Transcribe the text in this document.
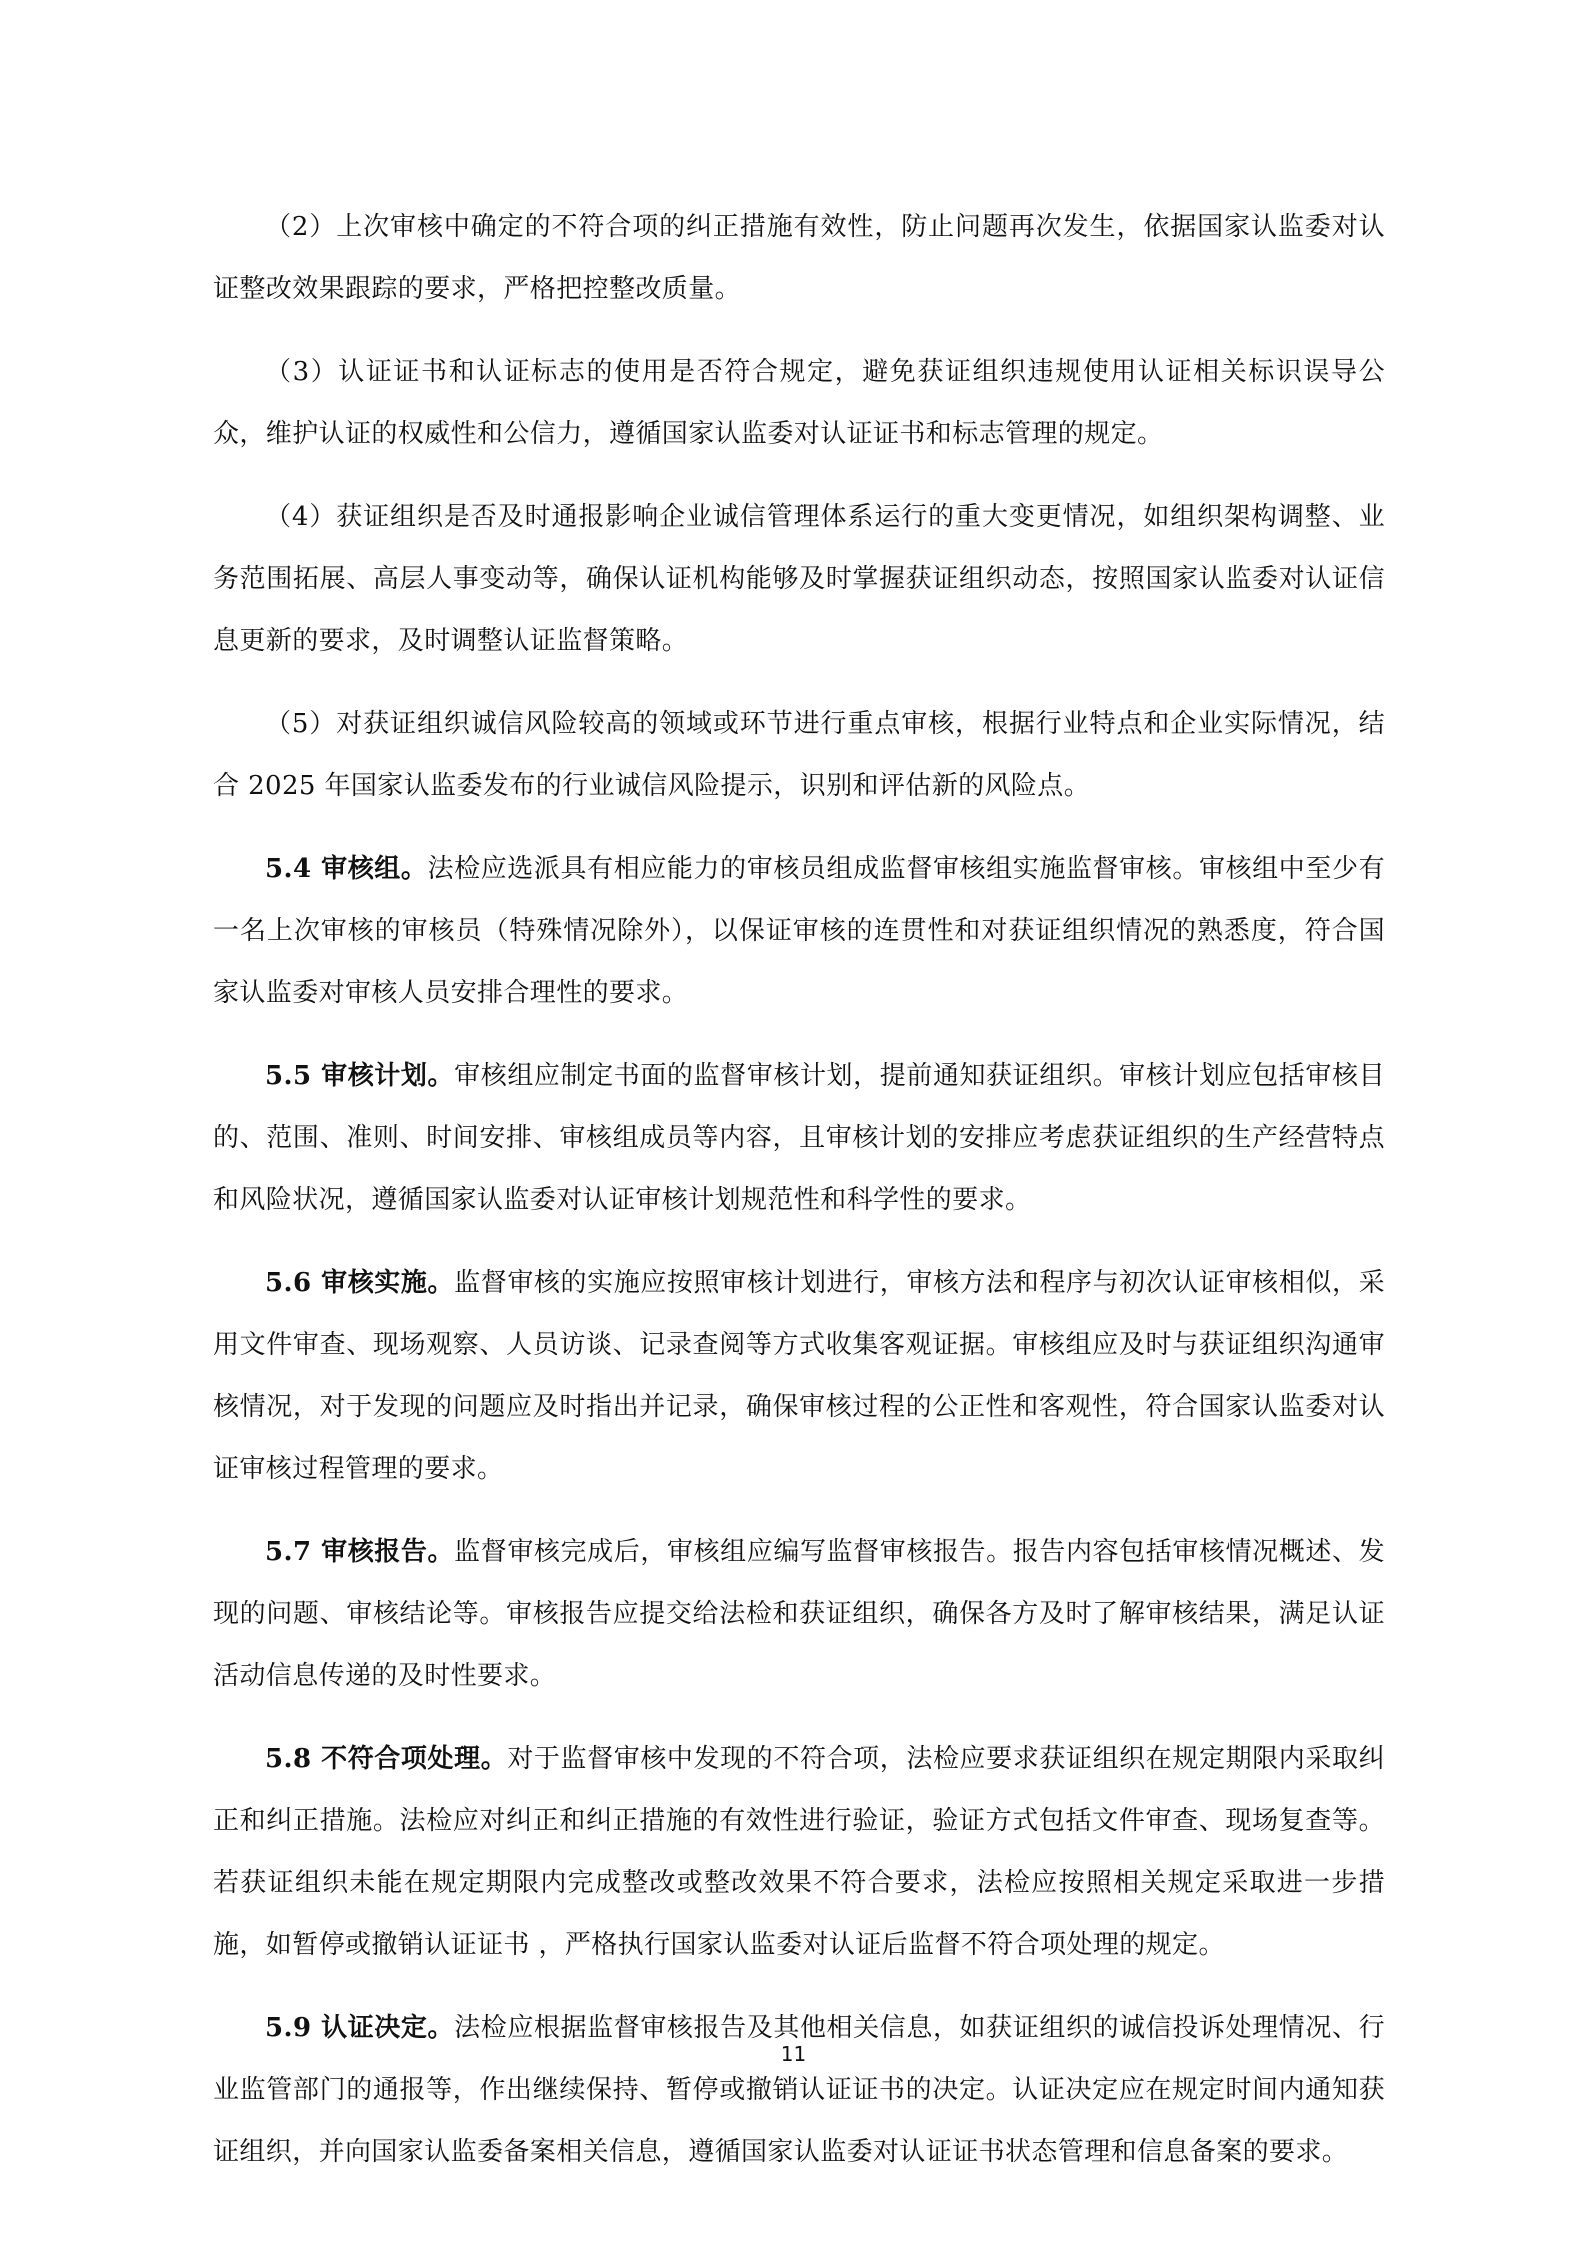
（2）上次审核中确定的不符合项的纠正措施有效性，防止问题再次发生，依据国家认监委对认证整改效果跟踪的要求，严格把控整改质量。

（3）认证证书和认证标志的使用是否符合规定，避免获证组织违规使用认证相关标识误导公众，维护认证的权威性和公信力，遵循国家认监委对认证证书和标志管理的规定。

（4）获证组织是否及时通报影响企业诚信管理体系运行的重大变更情况，如组织架构调整、业务范围拓展、高层人事变动等，确保认证机构能够及时掌握获证组织动态，按照国家认监委对认证信息更新的要求，及时调整认证监督策略。

（5）对获证组织诚信风险较高的领域或环节进行重点审核，根据行业特点和企业实际情况，结合 2025 年国家认监委发布的行业诚信风险提示，识别和评估新的风险点。

5.4 审核组。法检应选派具有相应能力的审核员组成监督审核组实施监督审核。审核组中至少有一名上次审核的审核员（特殊情况除外），以保证审核的连贯性和对获证组织情况的熟悉度，符合国家认监委对审核人员安排合理性的要求。

5.5 审核计划。审核组应制定书面的监督审核计划，提前通知获证组织。审核计划应包括审核目的、范围、准则、时间安排、审核组成员等内容，且审核计划的安排应考虑获证组织的生产经营特点和风险状况，遵循国家认监委对认证审核计划规范性和科学性的要求。

5.6 审核实施。监督审核的实施应按照审核计划进行，审核方法和程序与初次认证审核相似，采用文件审查、现场观察、人员访谈、记录查阅等方式收集客观证据。审核组应及时与获证组织沟通审核情况，对于发现的问题应及时指出并记录，确保审核过程的公正性和客观性，符合国家认监委对认证审核过程管理的要求。

5.7 审核报告。监督审核完成后，审核组应编写监督审核报告。报告内容包括审核情况概述、发现的问题、审核结论等。审核报告应提交给法检和获证组织，确保各方及时了解审核结果，满足认证活动信息传递的及时性要求。

5.8 不符合项处理。对于监督审核中发现的不符合项，法检应要求获证组织在规定期限内采取纠正和纠正措施。法检应对纠正和纠正措施的有效性进行验证，验证方式包括文件审查、现场复查等。若获证组织未能在规定期限内完成整改或整改效果不符合要求，法检应按照相关规定采取进一步措施，如暂停或撤销认证证书 ，严格执行国家认监委对认证后监督不符合项处理的规定。

5.9 认证决定。法检应根据监督审核报告及其他相关信息，如获证组织的诚信投诉处理情况、行业监管部门的通报等，作出继续保持、暂停或撤销认证证书的决定。认证决定应在规定时间内通知获证组织，并向国家认监委备案相关信息，遵循国家认监委对认证证书状态管理和信息备案的要求。

11
